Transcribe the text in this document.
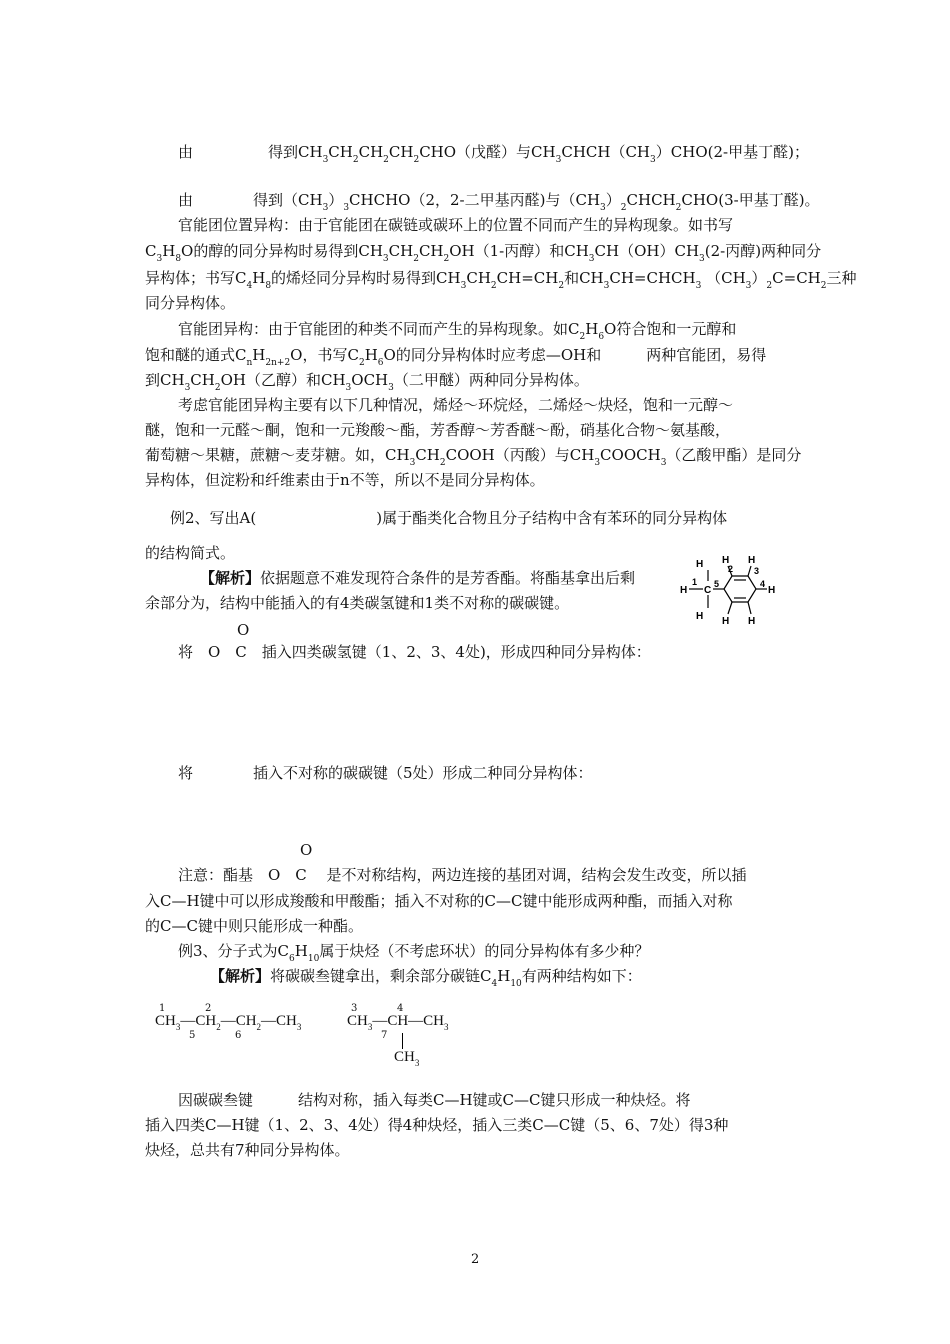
由　　　　　得到$CH_3CH_2CH_2CH_2CHO$（戊醛）与$CH_3CHCH(CH_3)CHO(2-$甲基丁醛)；
由　　　　得到$(CH_3)_3CHCHO(2$，2-二甲基丙醛)与$(CH_3)_2CHCH_2CHO(3-$甲基丁醛)。
官能团位置异构：由于官能团在碳链或碳环上的位置不同而产生的异构现象。如书写
$C_3H_8O$的醇的同分异构时易得到$CH_3CH_2CH_2OH(1-$丙醇）和$CH_3CH(OH)CH_3(2-$丙醇)两种同分
异构体；书写$C_4H_8$的烯烃同分异构时易得到$CH_3CH_2CH=CH_2$和$CH_3CH=CHCH_3$ $(CH_3)_2C=CH_2$三种
同分异构体。
官能团异构：由于官能团的种类不同而产生的异构现象。如$C_2H_6O$符合饱和一元醇和
饱和醚的通式$C_nH_{2n+2}O$，书写$C_2H_6O$的同分异构体时应考虑—OH和　　　两种官能团，易得
到$CH_3CH_2OH$（乙醇）和$CH_3OCH_3$（二甲醚）两种同分异构体。
考虑官能团异构主要有以下几种情况，烯烃～环烷烃，二烯烃～炔烃，饱和一元醇～
醚，饱和一元醛～酮，饱和一元羧酸～酯，芳香醇～芳香醚～酚，硝基化合物～氨基酸，
葡萄糖～果糖，蔗糖～麦芽糖。如，$CH_3CH_2COOH$（丙酸）与$CH_3COOCH_3$（乙酸甲酯）是同分
异构体，但淀粉和纤维素由于n不等，所以不是同分异构体。
例2、写出A(　　　　　　　　)属于酯类化合物且分子结构中含有苯环的同分异构体
的结构简式。
【解析】依据题意不难发现符合条件的是芳香酯。将酯基拿出后剩
余部分为，结构中能插入的有4类碳氢键和1类不对称的碳碳键。
H
H
H C
H H
H
H H
1
2 3
4
5
O
将　O　C　插入四类碳氢键（1、2、3、4处)，形成四种同分异构体：
将　　　　插入不对称的碳碳键（5处）形成二种同分异构体：
O
注意：酯基　O　C　 是不对称结构，两边连接的基团对调，结构会发生改变，所以插
入C—H键中可以形成羧酸和甲酸酯；插入不对称的C—C键中能形成两种酯，而插入对称
的C—C键中则只能形成一种酯。
例3、分子式为$C_6H_{10}$属于炔烃（不考虑环状）的同分异构体有多少种？
【解析】将碳碳叁键拿出，剩余部分碳链$C_4H_{10}$有两种结构如下：
1	2
$CH_3—CH_2—CH_2—CH_3$
5	6
3	4
$CH_3—CH—CH_3$
7
$CH_3$
因碳碳叁键　　　结构对称，插入每类C—H键或C—C键只形成一种炔烃。将
插入四类C—H键（1、2、3、4处）得4种炔烃，插入三类C—C键（5、6、7处）得3种
炔烃，总共有7种同分异构体。
2
